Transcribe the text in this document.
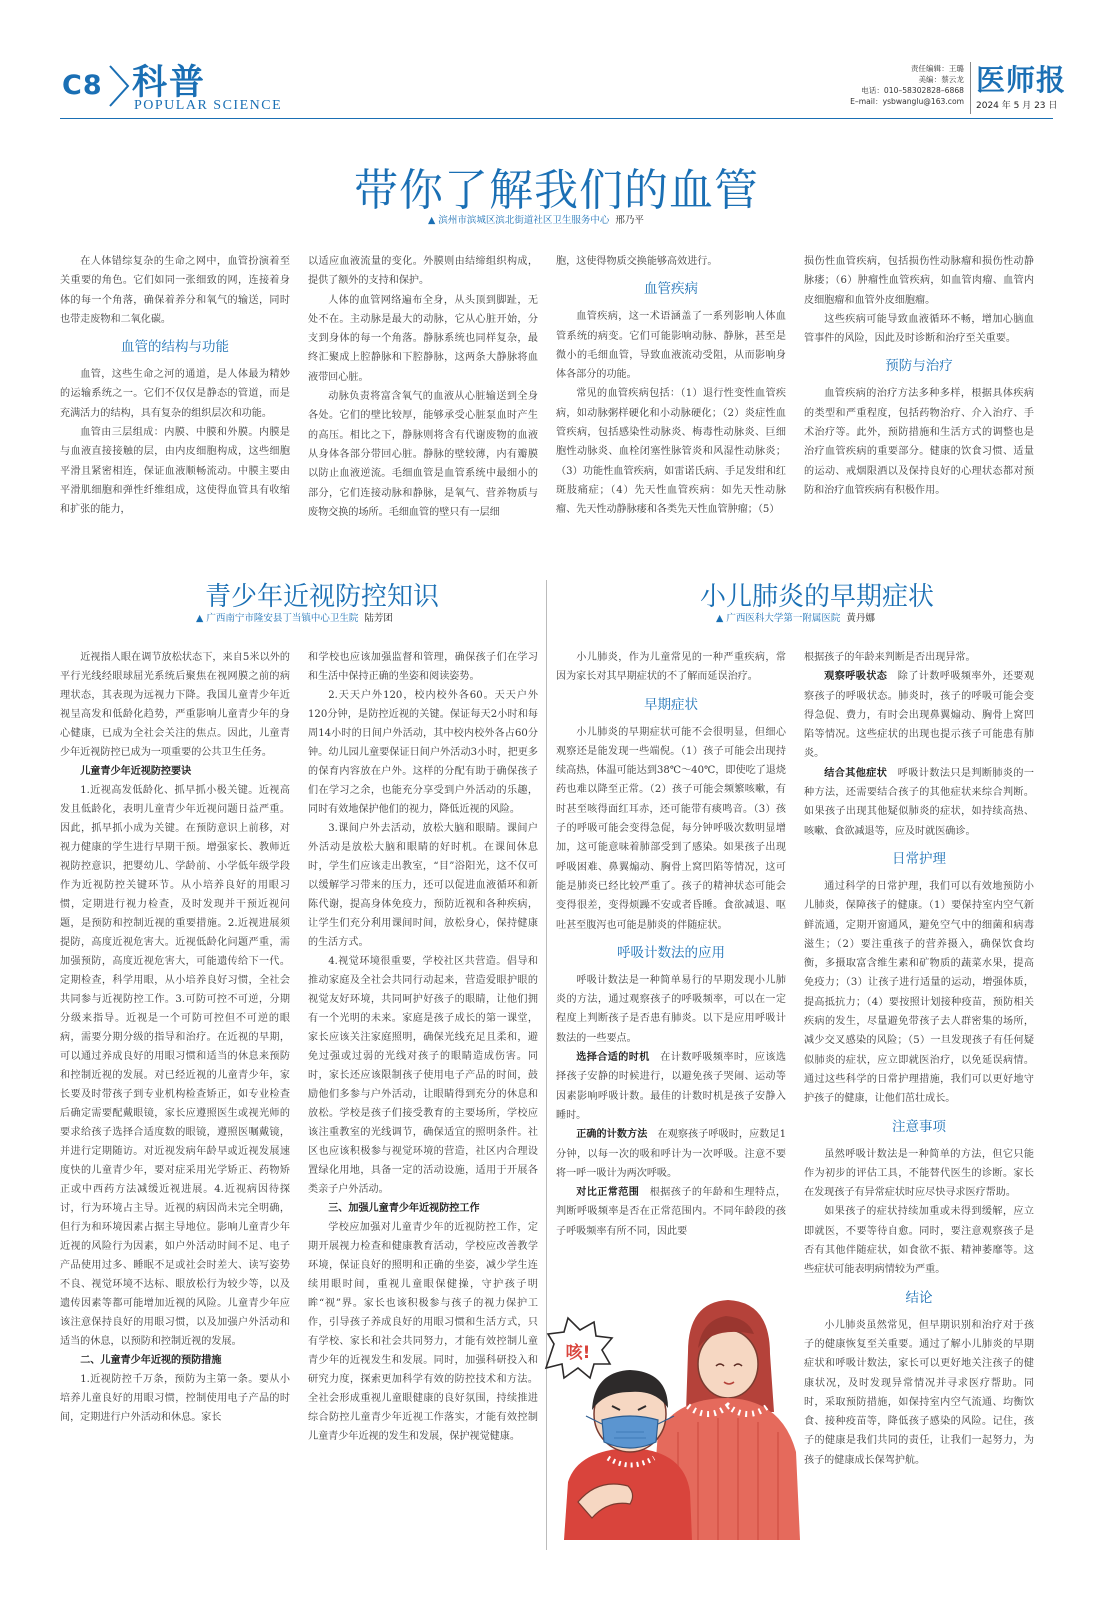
C8 科普
POPULAR SCIENCE
责任编辑：王璐
美编：蔡云龙
电话：010–58302828–6868
E–mail：ysbwanglu@163.com
医师报
2024 年 5 月 23 日
带你了解我们的血管
▲ 滨州市滨城区滨北街道社区卫生服务中心 邢乃平

在人体错综复杂的生命之网中，血管扮演着至关重要的角色。它们如同一张细致的网，连接着身体的每一个角落，确保着养分和氧气的输送，同时也带走废物和二氧化碳。

血管的结构与功能

血管，这些生命之河的通道，是人体最为精妙的运输系统之一。它们不仅仅是静态的管道，而是充满活力的结构，具有复杂的组织层次和功能。

血管由三层组成：内膜、中膜和外膜。内膜是与血液直接接触的层，由内皮细胞构成，这些细胞平滑且紧密相连，保证血液顺畅流动。中膜主要由平滑肌细胞和弹性纤维组成，这使得血管具有收缩和扩张的能力，

以适应血液流量的变化。外膜则由结缔组织构成，提供了额外的支持和保护。

人体的血管网络遍布全身，从头顶到脚趾，无处不在。主动脉是最大的动脉，它从心脏开始，分支到身体的每一个角落。静脉系统也同样复杂，最终汇聚成上腔静脉和下腔静脉，这两条大静脉将血液带回心脏。

动脉负责将富含氧气的血液从心脏输送到全身各处。它们的壁比较厚，能够承受心脏泵血时产生的高压。相比之下，静脉则将含有代谢废物的血液从身体各部分带回心脏。静脉的壁较薄，内有瓣膜以防止血液逆流。毛细血管是血管系统中最细小的部分，它们连接动脉和静脉，是氧气、营养物质与废物交换的场所。毛细血管的壁只有一层细

胞，这使得物质交换能够高效进行。

血管疾病

血管疾病，这一术语涵盖了一系列影响人体血管系统的病变。它们可能影响动脉、静脉，甚至是微小的毛细血管，导致血液流动受阻，从而影响身体各部分的功能。

常见的血管疾病包括：（1）退行性变性血管疾病，如动脉粥样硬化和小动脉硬化；（2）炎症性血管疾病，包括感染性动脉炎、梅毒性动脉炎、巨细胞性动脉炎、血栓闭塞性脉管炎和风湿性动脉炎；（3）功能性血管疾病，如雷诺氏病、手足发绀和红斑肢痛症；（4）先天性血管疾病：如先天性动脉瘤、先天性动静脉瘘和各类先天性血管肿瘤；（5）

损伤性血管疾病，包括损伤性动脉瘤和损伤性动静脉瘘；（6）肿瘤性血管疾病，如血管肉瘤、血管内皮细胞瘤和血管外皮细胞瘤。

这些疾病可能导致血液循环不畅，增加心脑血管事件的风险，因此及时诊断和治疗至关重要。

预防与治疗

血管疾病的治疗方法多种多样，根据具体疾病的类型和严重程度，包括药物治疗、介入治疗、手术治疗等。此外，预防措施和生活方式的调整也是治疗血管疾病的重要部分。健康的饮食习惯、适量的运动、戒烟限酒以及保持良好的心理状态都对预防和治疗血管疾病有积极作用。

青少年近视防控知识
▲ 广西南宁市隆安县丁当镇中心卫生院 陆芳团

近视指人眼在调节放松状态下，来自5米以外的平行光线经眼球屈光系统后聚焦在视网膜之前的病理状态，其表现为远视力下降。我国儿童青少年近视呈高发和低龄化趋势，严重影响儿童青少年的身心健康，已成为全社会关注的焦点。因此，儿童青少年近视防控已成为一项重要的公共卫生任务。

儿童青少年近视防控要诀

1.近视高发低龄化、抓早抓小极关键。近视高发且低龄化，表明儿童青少年近视问题日益严重。因此，抓早抓小成为关键。在预防意识上前移，对视力健康的学生进行早期干预。增强家长、教师近视防控意识，把婴幼儿、学龄前、小学低年级学段作为近视防控关键环节。从小培养良好的用眼习惯，定期进行视力检查，及时发现并干预近视问题，是预防和控制近视的重要措施。2.近视进展须提防，高度近视危害大。近视低龄化问题严重，需加强预防，高度近视危害大，可能遗传给下一代。定期检查，科学用眼，从小培养良好习惯，全社会共同参与近视防控工作。3.可防可控不可逆，分期分级来指导。近视是一个可防可控但不可逆的眼病，需要分期分级的指导和治疗。在近视的早期，可以通过养成良好的用眼习惯和适当的休息来预防和控制近视的发展。对已经近视的儿童青少年，家长要及时带孩子到专业机构检查矫正，如专业检查后确定需要配戴眼镜，家长应遵照医生或视光师的要求给孩子选择合适度数的眼镜，遵照医嘱戴镜，并进行定期随访。对近视发病年龄早或近视发展速度快的儿童青少年，要对症采用光学矫正、药物矫正或中西药方法减缓近视进展。4.近视病因待探讨，行为环境占主导。近视的病因尚未完全明确，但行为和环境因素占据主导地位。影响儿童青少年近视的风险行为因素，如户外活动时间不足、电子产品使用过多、睡眠不足或社会时差大、读写姿势不良、视觉环境不达标、眼放松行为较少等，以及遗传因素等都可能增加近视的风险。儿童青少年应该注意保持良好的用眼习惯，以及加强户外活动和适当的休息，以预防和控制近视的发展。

二、儿童青少年近视的预防措施

1.近视防控千万条，预防为主第一条。要从小培养儿童良好的用眼习惯，控制使用电子产品的时间，定期进行户外活动和休息。家长

和学校也应该加强监督和管理，确保孩子们在学习和生活中保持正确的坐姿和阅读姿势。

2.天天户外120，校内校外各60。天天户外120分钟，是防控近视的关键。保证每天2小时和每周14小时的日间户外活动，其中校内校外各占60分钟。幼儿园儿童要保证日间户外活动3小时，把更多的保育内容放在户外。这样的分配有助于确保孩子们在学习之余，也能充分享受到户外活动的乐趣，同时有效地保护他们的视力，降低近视的风险。

3.课间户外去活动，放松大脑和眼睛。课间户外活动是放松大脑和眼睛的好时机。在课间休息时，学生们应该走出教室，“目”浴阳光，这不仅可以缓解学习带来的压力，还可以促进血液循环和新陈代谢，提高身体免疫力，预防近视和各种疾病，让学生们充分利用课间时间，放松身心，保持健康的生活方式。

4.视觉环境很重要，学校社区共营造。倡导和推动家庭及全社会共同行动起来，营造爱眼护眼的视觉友好环境，共同呵护好孩子的眼睛，让他们拥有一个光明的未来。家庭是孩子成长的第一课堂，家长应该关注家庭照明，确保光线充足且柔和，避免过强或过弱的光线对孩子的眼睛造成伤害。同时，家长还应该限制孩子使用电子产品的时间，鼓励他们多参与户外活动，让眼睛得到充分的休息和放松。学校是孩子们接受教育的主要场所，学校应该注重教室的光线调节，确保适宜的照明条件。社区也应该积极参与视觉环境的营造，社区内合理设置绿化用地，具备一定的活动设施，适用于开展各类亲子户外活动。

三、加强儿童青少年近视防控工作

学校应加强对儿童青少年的近视防控工作，定期开展视力检查和健康教育活动，学校应改善教学环境，保证良好的照明和正确的坐姿，减少学生连续用眼时间，重视儿童眼保健操，守护孩子明眸“视”界。家长也该积极参与孩子的视力保护工作，引导孩子养成良好的用眼习惯和生活方式，只有学校、家长和社会共同努力，才能有效控制儿童青少年的近视发生和发展。同时，加强科研投入和研究力度，探索更加科学有效的防控技术和方法。全社会形成重视儿童眼健康的良好氛围，持续推进综合防控儿童青少年近视工作落实，才能有效控制儿童青少年近视的发生和发展，保护视觉健康。

小儿肺炎的早期症状
▲ 广西医科大学第一附属医院 黄丹娜

小儿肺炎，作为儿童常见的一种严重疾病，常因为家长对其早期症状的不了解而延误治疗。

早期症状

小儿肺炎的早期症状可能不会很明显，但细心观察还是能发现一些端倪。（1）孩子可能会出现持续高热，体温可能达到38℃～40℃，即使吃了退烧药也难以降至正常。（2）孩子可能会频繁咳嗽，有时甚至咳得面红耳赤，还可能带有痰鸣音。（3）孩子的呼吸可能会变得急促，每分钟呼吸次数明显增加，这可能意味着肺部受到了感染。如果孩子出现呼吸困难、鼻翼煽动、胸骨上窝凹陷等情况，这可能是肺炎已经比较严重了。孩子的精神状态可能会变得很差，变得烦躁不安或者昏睡。食欲减退、呕吐甚至腹泻也可能是肺炎的伴随症状。

呼吸计数法的应用

呼吸计数法是一种简单易行的早期发现小儿肺炎的方法，通过观察孩子的呼吸频率，可以在一定程度上判断孩子是否患有肺炎。以下是应用呼吸计数法的一些要点。

选择合适的时机　 在计数呼吸频率时，应该选择孩子安静的时候进行，以避免孩子哭闹、运动等因素影响呼吸计数。最佳的计数时机是孩子安静入睡时。

正确的计数方法　 在观察孩子呼吸时，应数足1分钟，以每一次的吸和呼计为一次呼吸。注意不要将一呼一吸计为两次呼吸。

对比正常范围　 根据孩子的年龄和生理特点，判断呼吸频率是否在正常范围内。不同年龄段的孩子呼吸频率有所不同，因此要

根据孩子的年龄来判断是否出现异常。

观察呼吸状态　 除了计数呼吸频率外，还要观察孩子的呼吸状态。肺炎时，孩子的呼吸可能会变得急促、费力，有时会出现鼻翼煽动、胸骨上窝凹陷等情况。这些症状的出现也提示孩子可能患有肺炎。

结合其他症状　 呼吸计数法只是判断肺炎的一种方法，还需要结合孩子的其他症状来综合判断。如果孩子出现其他疑似肺炎的症状，如持续高热、咳嗽、食欲减退等，应及时就医确诊。

日常护理

通过科学的日常护理，我们可以有效地预防小儿肺炎，保障孩子的健康。（1）要保持室内空气新鲜流通，定期开窗通风，避免空气中的细菌和病毒滋生；（2）要注重孩子的营养摄入，确保饮食均衡，多摄取富含维生素和矿物质的蔬菜水果，提高免疫力；（3）让孩子进行适量的运动，增强体质，提高抵抗力；（4）要按照计划接种疫苗，预防相关疾病的发生，尽量避免带孩子去人群密集的场所，减少交叉感染的风险；（5）一旦发现孩子有任何疑似肺炎的症状，应立即就医治疗，以免延误病情。通过这些科学的日常护理措施，我们可以更好地守护孩子的健康，让他们茁壮成长。

注意事项

虽然呼吸计数法是一种简单的方法，但它只能作为初步的评估工具，不能替代医生的诊断。家长在发现孩子有异常症状时应尽快寻求医疗帮助。

如果孩子的症状持续加重或未得到缓解，应立即就医，不要等待自愈。同时，要注意观察孩子是否有其他伴随症状，如食欲不振、精神萎靡等。这些症状可能表明病情较为严重。

结论

小儿肺炎虽然常见，但早期识别和治疗对于孩子的健康恢复至关重要。通过了解小儿肺炎的早期症状和呼吸计数法，家长可以更好地关注孩子的健康状况，及时发现异常情况并寻求医疗帮助。同时，采取预防措施，如保持室内空气流通、均衡饮食、接种疫苗等，降低孩子感染的风险。记住，孩子的健康是我们共同的责任，让我们一起努力，为孩子的健康成长保驾护航。

咳!
